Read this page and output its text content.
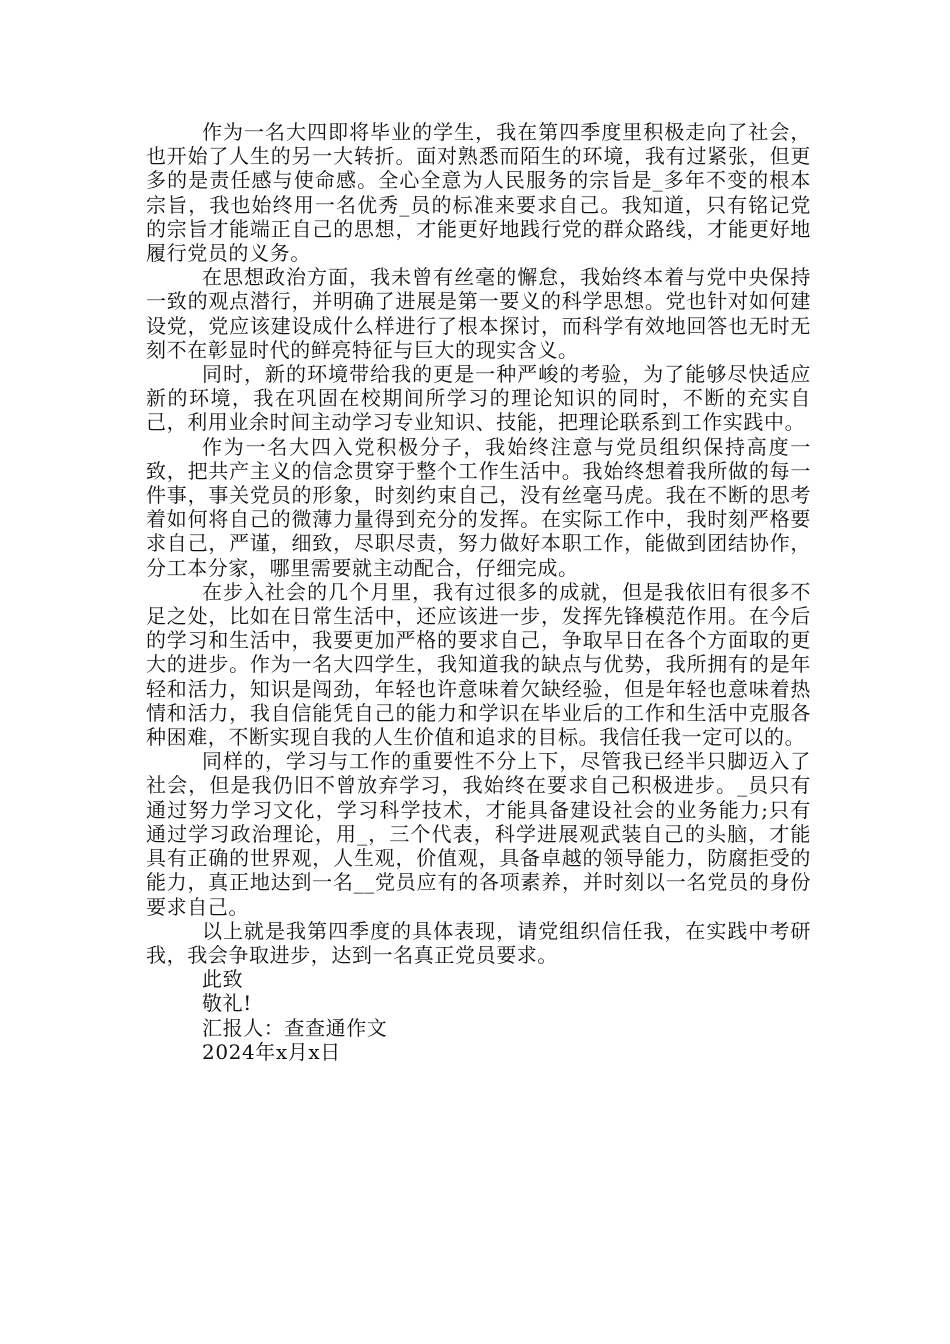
作为一名大四即将毕业的学生，我在第四季度里积极走向了社会，也开始了人生的另一大转折。面对熟悉而陌生的环境，我有过紧张，但更多的是责任感与使命感。全心全意为人民服务的宗旨是_多年不变的根本宗旨，我也始终用一名优秀_员的标准来要求自己。我知道，只有铭记党的宗旨才能端正自己的思想，才能更好地践行党的群众路线，才能更好地履行党员的义务。

在思想政治方面，我未曾有丝毫的懈怠，我始终本着与党中央保持一致的观点潜行，并明确了进展是第一要义的科学思想。党也针对如何建设党，党应该建设成什么样进行了根本探讨，而科学有效地回答也无时无刻不在彰显时代的鲜亮特征与巨大的现实含义。

同时，新的环境带给我的更是一种严峻的考验，为了能够尽快适应新的环境，我在巩固在校期间所学习的理论知识的同时，不断的充实自己，利用业余时间主动学习专业知识、技能，把理论联系到工作实践中。

作为一名大四入党积极分子，我始终注意与党员组织保持高度一致，把共产主义的信念贯穿于整个工作生活中。我始终想着我所做的每一件事，事关党员的形象，时刻约束自己，没有丝毫马虎。我在不断的思考着如何将自己的微薄力量得到充分的发挥。在实际工作中，我时刻严格要求自己，严谨，细致，尽职尽责，努力做好本职工作，能做到团结协作，分工本分家，哪里需要就主动配合，仔细完成。

在步入社会的几个月里，我有过很多的成就，但是我依旧有很多不足之处，比如在日常生活中，还应该进一步，发挥先锋模范作用。在今后的学习和生活中，我要更加严格的要求自己，争取早日在各个方面取的更大的进步。作为一名大四学生，我知道我的缺点与优势，我所拥有的是年轻和活力，知识是闯劲，年轻也许意味着欠缺经验，但是年轻也意味着热情和活力，我自信能凭自己的能力和学识在毕业后的工作和生活中克服各种困难，不断实现自我的人生价值和追求的目标。我信任我一定可以的。

同样的，学习与工作的重要性不分上下，尽管我已经半只脚迈入了社会，但是我仍旧不曾放弃学习，我始终在要求自己积极进步。_员只有通过努力学习文化，学习科学技术，才能具备建设社会的业务能力;只有通过学习政治理论，用_，三个代表，科学进展观武装自己的头脑，才能具有正确的世界观，人生观，价值观，具备卓越的领导能力，防腐拒受的能力，真正地达到一名__党员应有的各项素养，并时刻以一名党员的身份要求自己。

以上就是我第四季度的具体表现，请党组织信任我，在实践中考研我，我会争取进步，达到一名真正党员要求。

此致

敬礼!

汇报人：查查通作文

2024年x月x日
